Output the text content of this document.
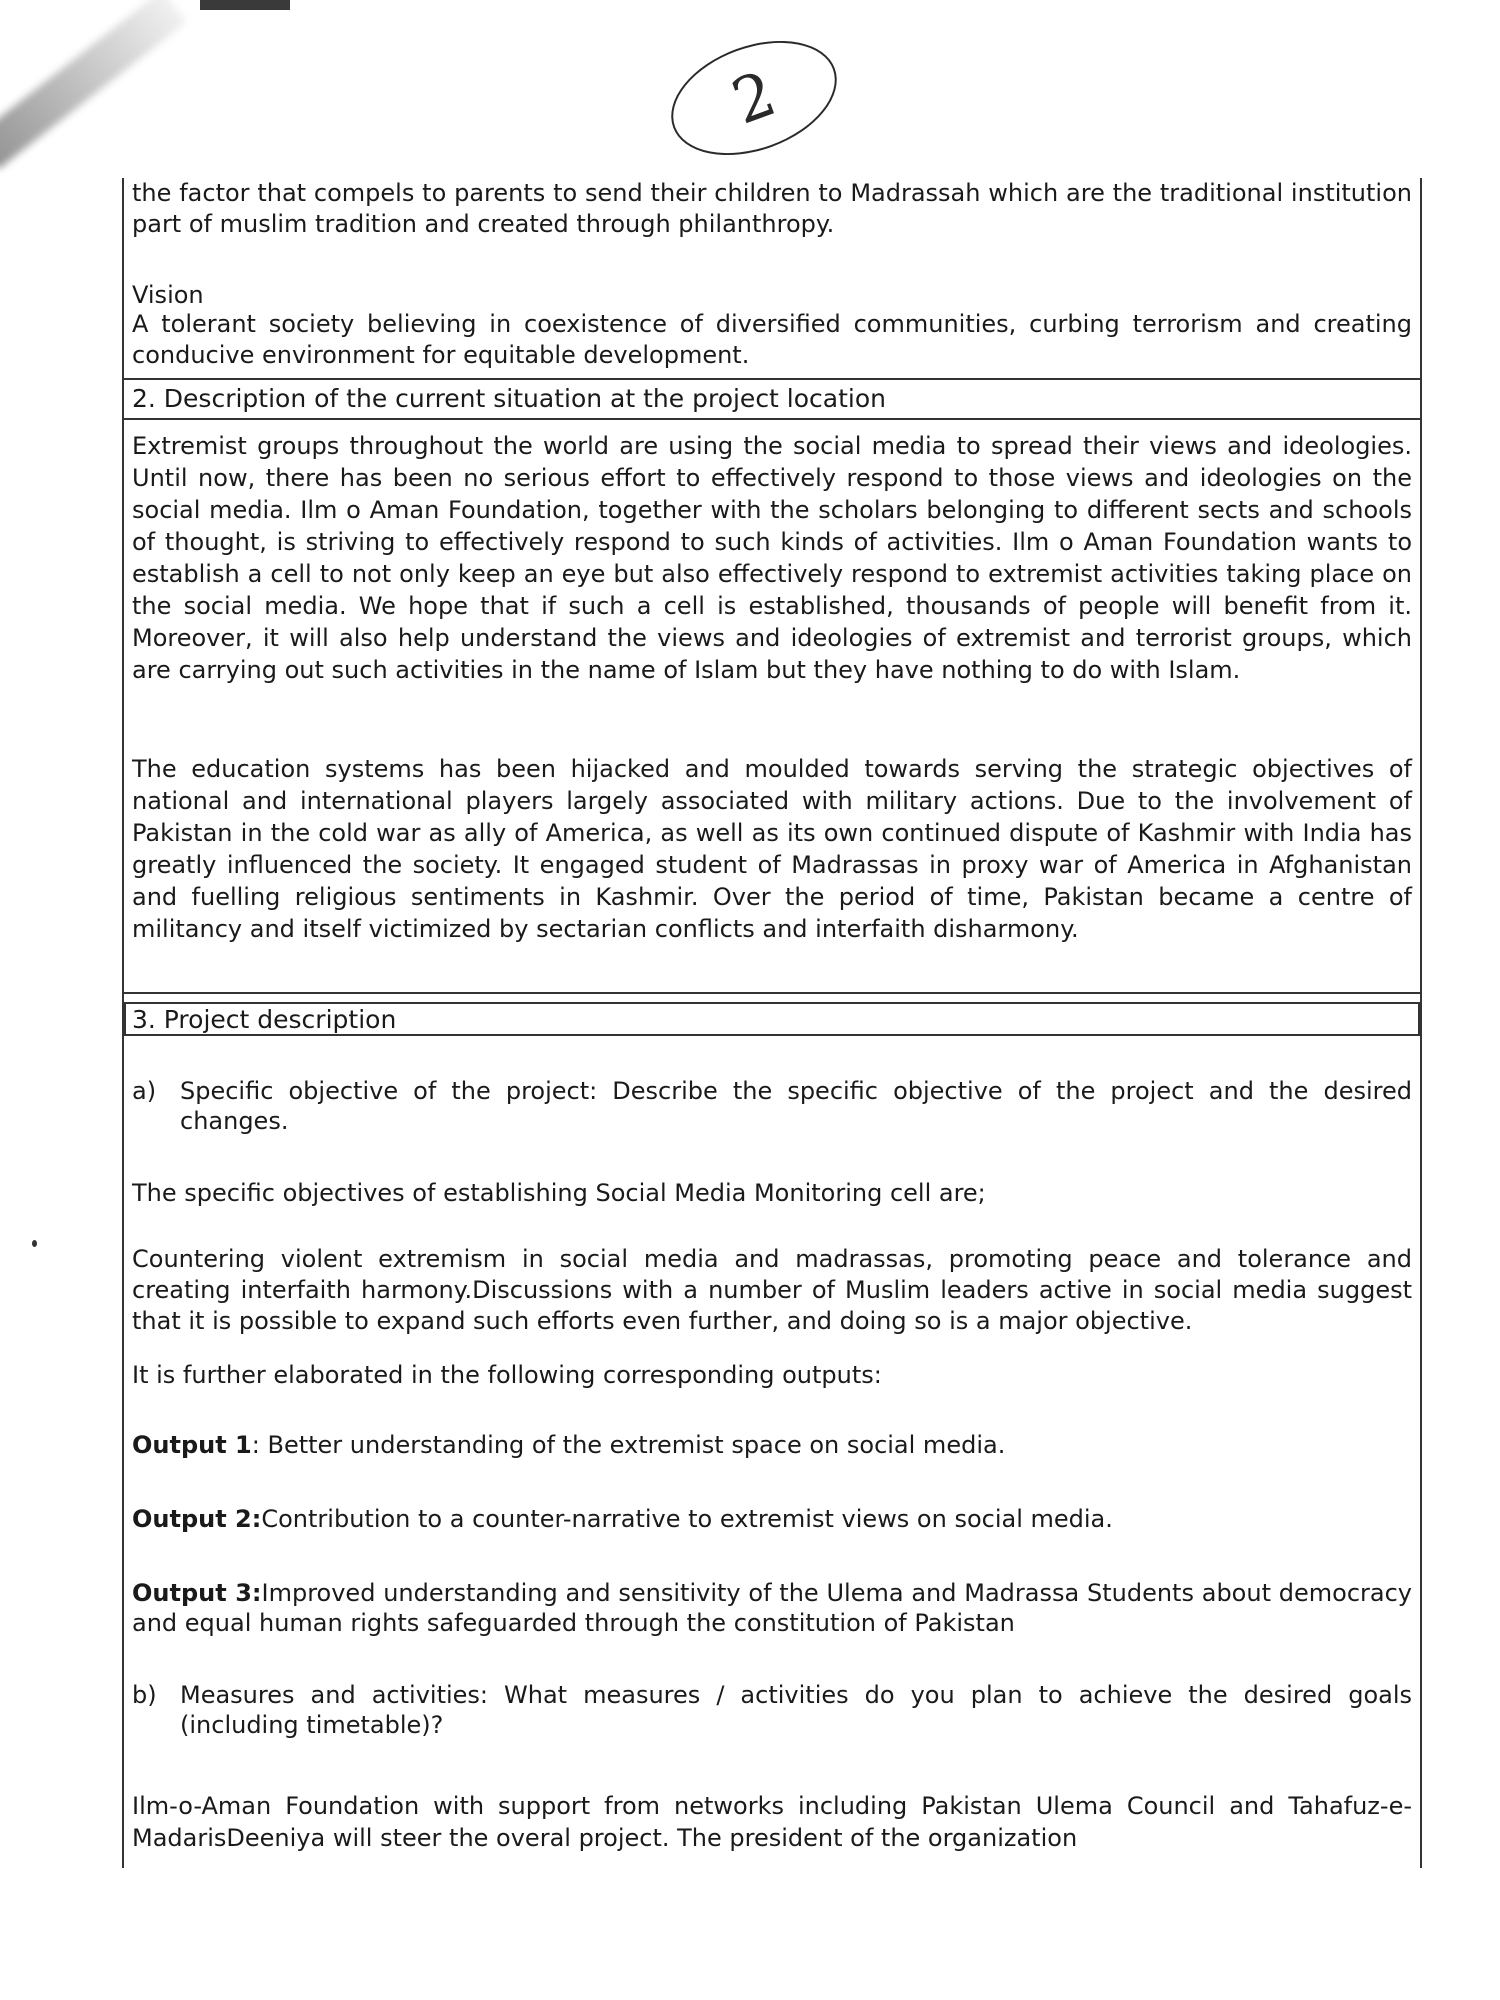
2
the factor that compels to parents to send their children to Madrassah which are the traditional institution part of muslim tradition and created through philanthropy.
Vision
A tolerant society believing in coexistence of diversified communities, curbing terrorism and creating conducive environment for equitable development.
2. Description of the current situation at the project location
Extremist groups throughout the world are using the social media to spread their views and ideologies. Until now, there has been no serious effort to effectively respond to those views and ideologies on the social media. Ilm o Aman Foundation, together with the scholars belonging to different sects and schools of thought, is striving to effectively respond to such kinds of activities. Ilm o Aman Foundation wants to establish a cell to not only keep an eye but also effectively respond to extremist activities taking place on the social media. We hope that if such a cell is established, thousands of people will benefit from it. Moreover, it will also help understand the views and ideologies of extremist and terrorist groups, which are carrying out such activities in the name of Islam but they have nothing to do with Islam.
The education systems has been hijacked and moulded towards serving the strategic objectives of national and international players largely associated with military actions. Due to the involvement of Pakistan in the cold war as ally of America, as well as its own continued dispute of Kashmir with India has greatly influenced the society. It engaged student of Madrassas in proxy war of America in Afghanistan and fuelling religious sentiments in Kashmir. Over the period of time, Pakistan became a centre of militancy and itself victimized by sectarian conflicts and interfaith disharmony.
3. Project description
a) Specific objective of the project: Describe the specific objective of the project and the desired changes.
The specific objectives of establishing Social Media Monitoring cell are;
Countering violent extremism in social media and madrassas, promoting peace and tolerance and creating interfaith harmony.Discussions with a number of Muslim leaders active in social media suggest that it is possible to expand such efforts even further, and doing so is a major objective.
It is further elaborated in the following corresponding outputs:
Output 1: Better understanding of the extremist space on social media.
Output 2:Contribution to a counter-narrative to extremist views on social media.
Output 3:Improved understanding and sensitivity of the Ulema and Madrassa Students about democracy and equal human rights safeguarded through the constitution of Pakistan
b) Measures and activities: What measures / activities do you plan to achieve the desired goals (including timetable)?
Ilm-o-Aman Foundation with support from networks including Pakistan Ulema Council and Tahafuz-e-MadarisDeeniya will steer the overal project. The president of the organization
